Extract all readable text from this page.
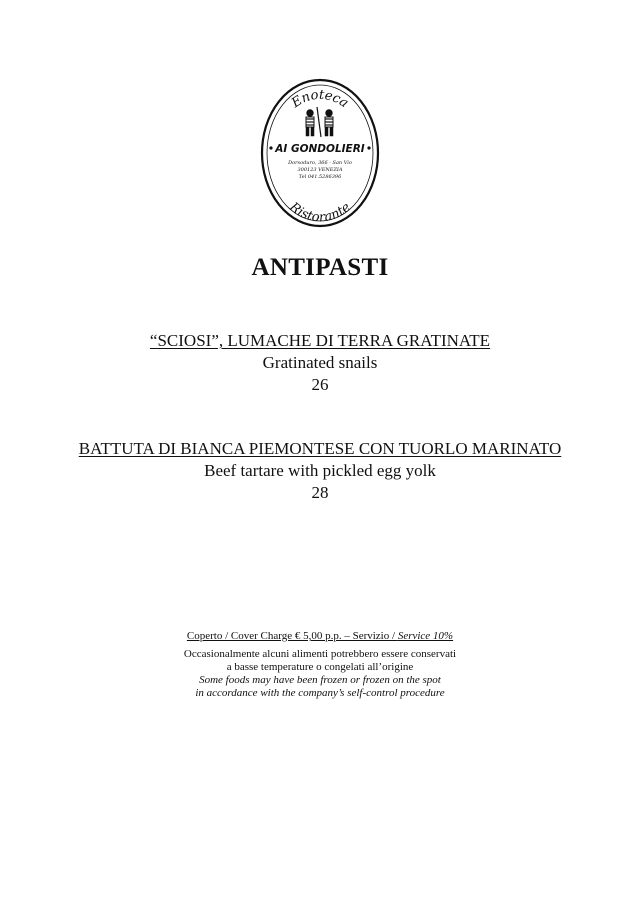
Enoteca
Ristorante
AI GONDOLIERI
Dorsoduro, 366 - San Vio
300123 VENEZIA
Tel 041.5286396
ANTIPASTI
“SCIOSI”, LUMACHE DI TERRA GRATINATE
Gratinated snails
26
BATTUTA DI BIANCA PIEMONTESE CON TUORLO MARINATO
Beef tartare with pickled egg yolk
28
Coperto / Cover Charge € 5,00 p.p. – Servizio / Service 10%
Occasionalmente alcuni alimenti potrebbero essere conservati
a basse temperature o congelati all’origine
Some foods may have been frozen or frozen on the spot
in accordance with the company’s self-control procedure
